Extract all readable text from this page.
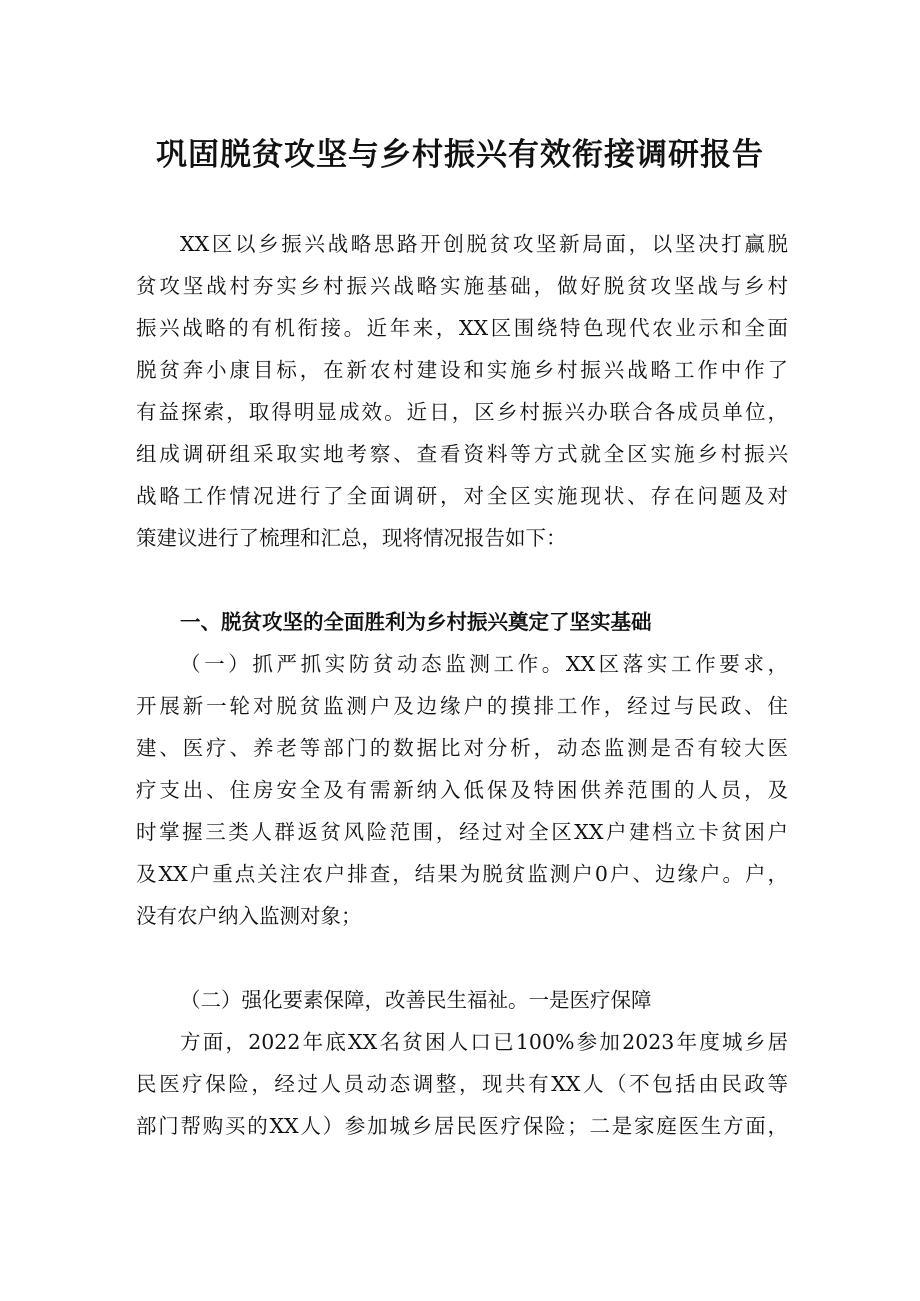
巩固脱贫攻坚与乡村振兴有效衔接调研报告

XX区以乡振兴战略思路开创脱贫攻坚新局面，以坚决打赢脱

贫攻坚战村夯实乡村振兴战略实施基础，做好脱贫攻坚战与乡村

振兴战略的有机衔接。近年来，XX区围绕特色现代农业示和全面

脱贫奔小康目标，在新农村建设和实施乡村振兴战略工作中作了

有益探索，取得明显成效。近日，区乡村振兴办联合各成员单位，

组成调研组采取实地考察、查看资料等方式就全区实施乡村振兴

战略工作情况进行了全面调研，对全区实施现状、存在问题及对

策建议进行了梳理和汇总，现将情况报告如下：

一、脱贫攻坚的全面胜利为乡村振兴奠定了坚实基础

（一）抓严抓实防贫动态监测工作。XX区落实工作要求，

开展新一轮对脱贫监测户及边缘户的摸排工作，经过与民政、住

建、医疗、养老等部门的数据比对分析，动态监测是否有较大医

疗支出、住房安全及有需新纳入低保及特困供养范围的人员，及

时掌握三类人群返贫风险范围，经过对全区XX户建档立卡贫困户

及XX户重点关注农户排查，结果为脱贫监测户0户、边缘户。户，

没有农户纳入监测对象；

（二）强化要素保障，改善民生福祉。一是医疗保障

方面，2022年底XX名贫困人口已100%参加2023年度城乡居

民医疗保险，经过人员动态调整，现共有XX人（不包括由民政等

部门帮购买的XX人）参加城乡居民医疗保险；二是家庭医生方面，
